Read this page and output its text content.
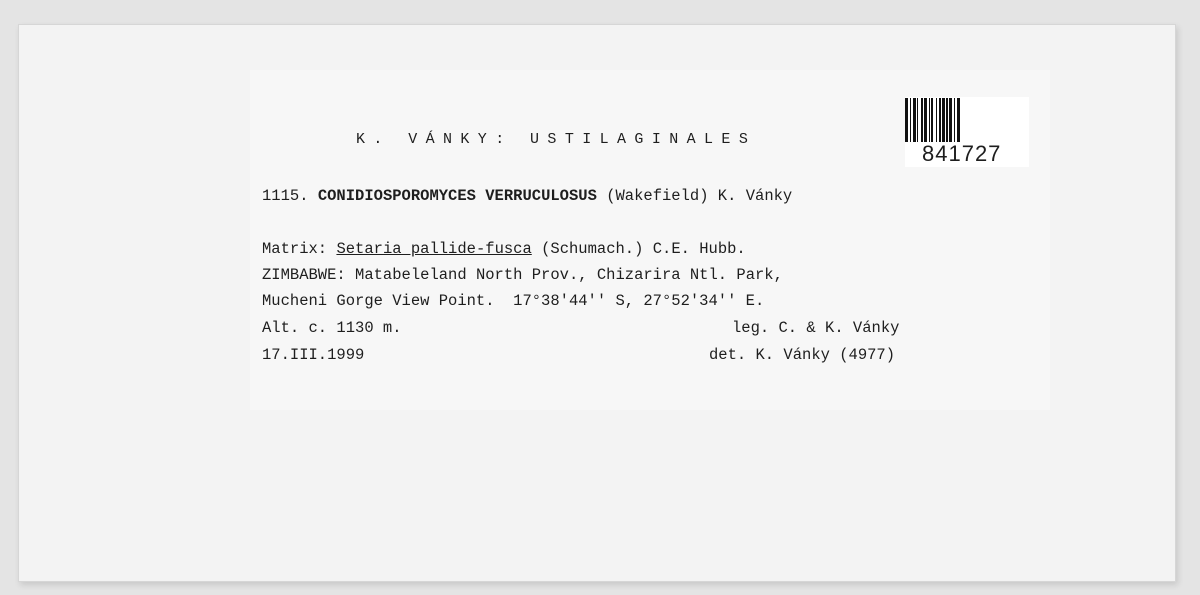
K. VÁNKY: USTILAGINALES
841727
1115. CONIDIOSPOROMYCES VERRUCULOSUS (Wakefield) K. Vánky
Matrix: Setaria pallide-fusca (Schumach.) C.E. Hubb.
ZIMBABWE: Matabeleland North Prov., Chizarira Ntl. Park,
Mucheni Gorge View Point.  17°38'44'' S, 27°52'34'' E.
Alt. c. 1130 m.	leg. C. & K. Vánky
17.III.1999	det. K. Vánky (4977)
